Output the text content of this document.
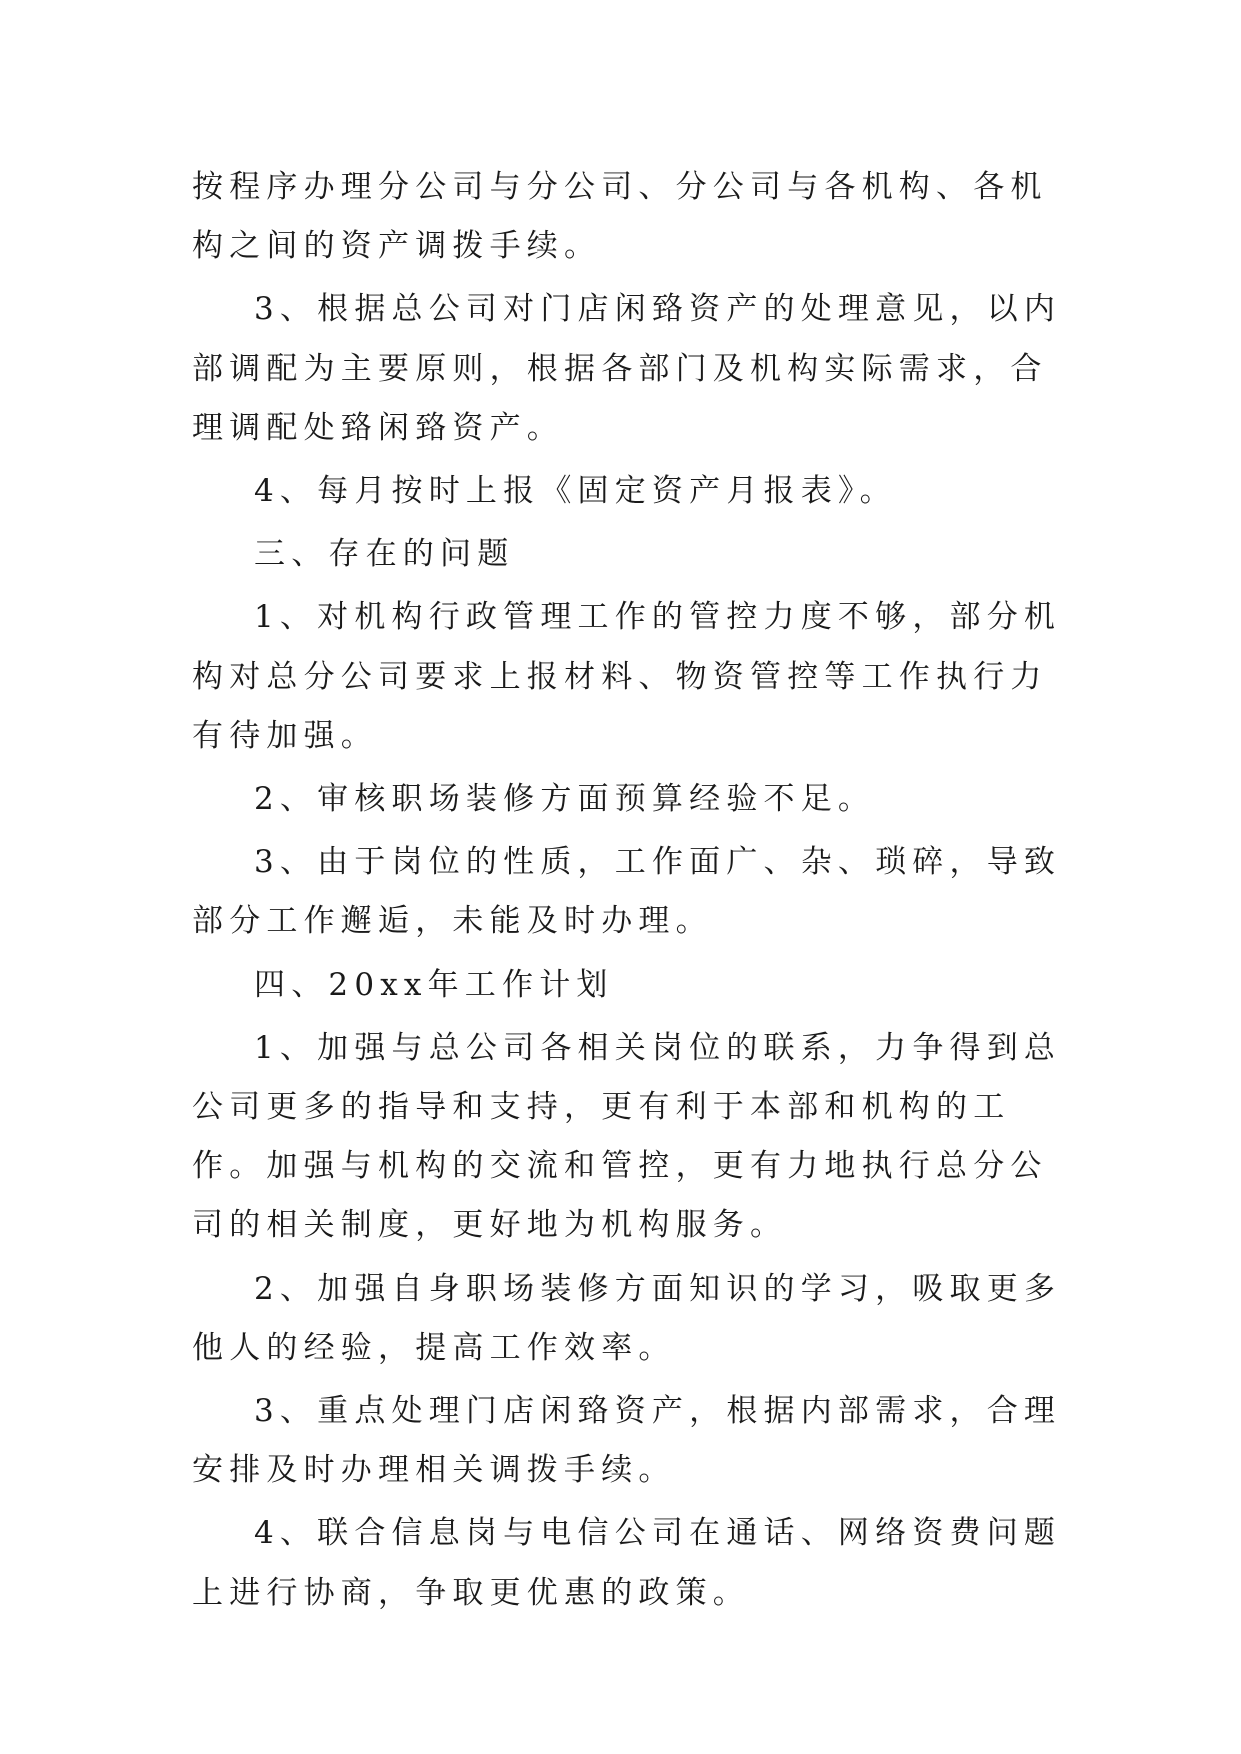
按程序办理分公司与分公司、分公司与各机构、各机构之间的资产调拨手续。

3、根据总公司对门店闲臵资产的处理意见，以内部调配为主要原则，根据各部门及机构实际需求，合理调配处臵闲臵资产。

4、每月按时上报《固定资产月报表》。

三、存在的问题

1、对机构行政管理工作的管控力度不够，部分机构对总分公司要求上报材料、物资管控等工作执行力有待加强。

2、审核职场装修方面预算经验不足。

3、由于岗位的性质，工作面广、杂、琐碎，导致部分工作邂逅，未能及时办理。

四、20xx年工作计划

1、加强与总公司各相关岗位的联系，力争得到总公司更多的指导和支持，更有利于本部和机构的工作。加强与机构的交流和管控，更有力地执行总分公司的相关制度，更好地为机构服务。

2、加强自身职场装修方面知识的学习，吸取更多他人的经验，提高工作效率。

3、重点处理门店闲臵资产，根据内部需求，合理安排及时办理相关调拨手续。

4、联合信息岗与电信公司在通话、网络资费问题上进行协商，争取更优惠的政策。
